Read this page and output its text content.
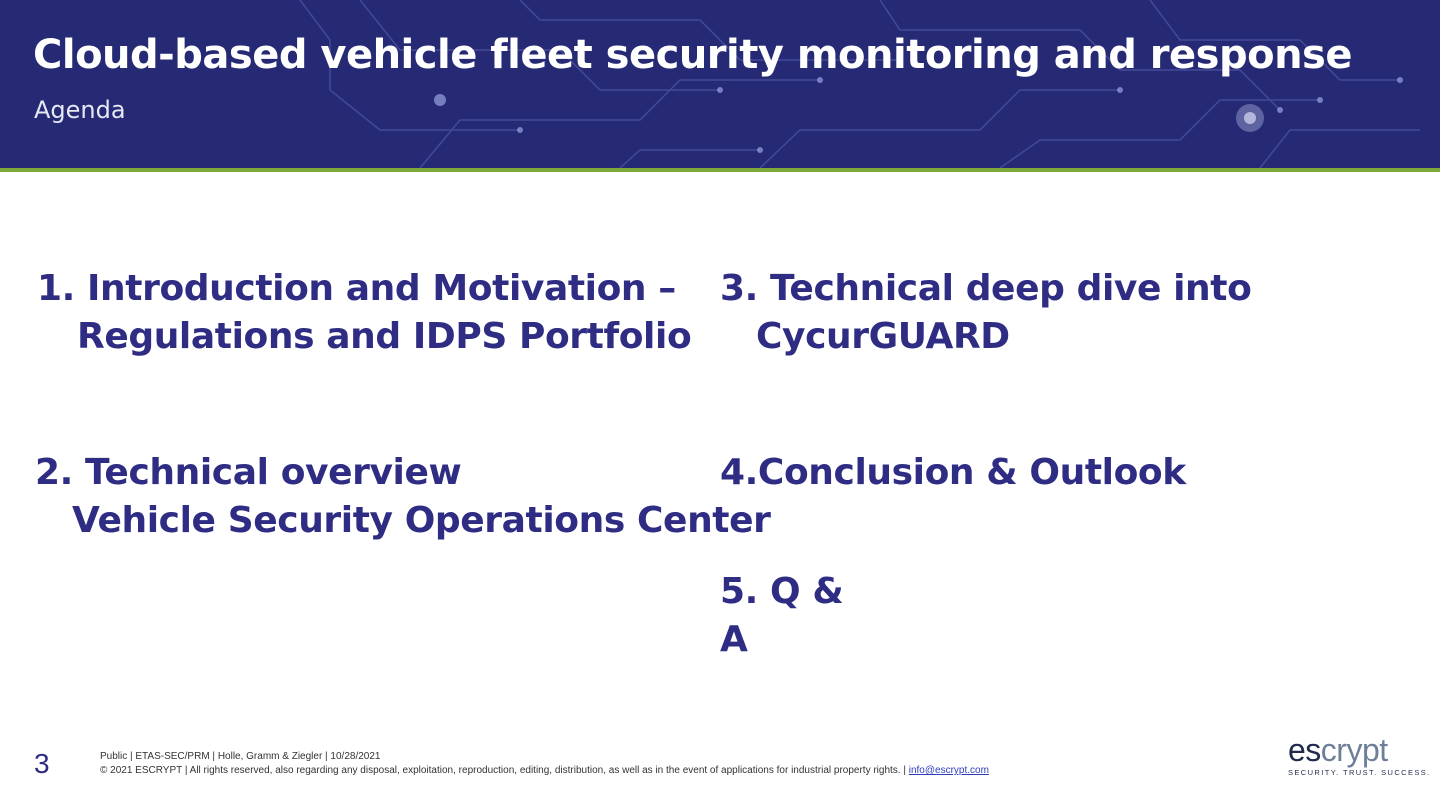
Cloud-based vehicle fleet security monitoring and response

Agenda

1. Introduction and Motivation –
Regulations and IDPS Portfolio
2. Technical overview
Vehicle Security Operations Center
3. Technical deep dive into
CycurGUARD
4.Conclusion & Outlook
5. Q &
A
3	Public | ETAS-SEC/PRM | Holle, Gramm & Ziegler | 10/28/2021
© 2021 ESCRYPT | All rights reserved, also regarding any disposal, exploitation, reproduction, editing, distribution, as well as in the event of applications for industrial property rights. | info@escrypt.com
escrypt
SECURITY. TRUST. SUCCESS.
